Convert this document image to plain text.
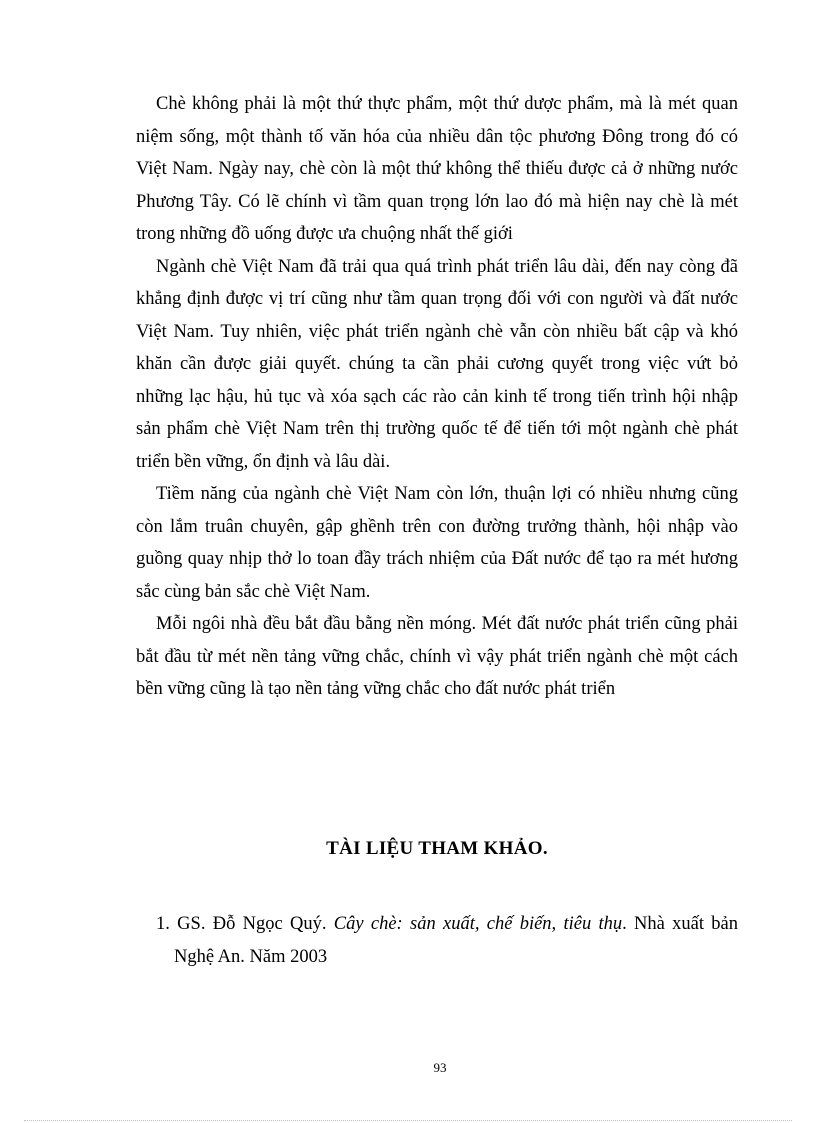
Chè không phải là một thứ thực phẩm, một thứ dược phẩm, mà là mét quan niệm sống, một thành tố văn hóa của nhiều dân tộc phương Đông trong đó có Việt Nam. Ngày nay, chè còn là một thứ không thể thiếu được cả ở những nước Phương Tây. Có lẽ chính vì tầm quan trọng lớn lao đó mà hiện nay chè là mét trong những đồ uống được ưa chuộng nhất thế giới

Ngành chè Việt Nam đã trải qua quá trình phát triển lâu dài, đến nay còng đã khẳng định được vị trí cũng như tầm quan trọng đối với con người và đất nước Việt Nam. Tuy nhiên, việc phát triển ngành chè vẫn còn nhiều bất cập và khó khăn cần được giải quyết. chúng ta cần phải cương quyết trong việc vứt bỏ những lạc hậu, hủ tục và xóa sạch các rào cản kinh tế trong tiến trình hội nhập sản phẩm chè Việt Nam trên thị trường quốc tế để tiến tới một ngành chè phát triển bền vững, ổn định và lâu dài.

Tiềm năng của ngành chè Việt Nam còn lớn, thuận lợi có nhiều nhưng cũng còn lắm truân chuyên, gập ghềnh trên con đường trưởng thành, hội nhập vào guồng quay nhịp thở lo toan đầy trách nhiệm của Đất nước để tạo ra mét hương sắc cùng bản sắc chè Việt Nam.

Mỗi ngôi nhà đều bắt đầu bằng nền móng. Mét đất nước phát triển cũng phải bắt đầu từ mét nền tảng vững chắc, chính vì vậy phát triển ngành chè một cách bền vững cũng là tạo nền tảng vững chắc cho đất nước phát triển

TÀI LIỆU THAM KHẢO.
1. GS. Đỗ Ngọc Quý. Cây chè: sản xuất, chế biến, tiêu thụ. Nhà xuất bản Nghệ An. Năm 2003
93
